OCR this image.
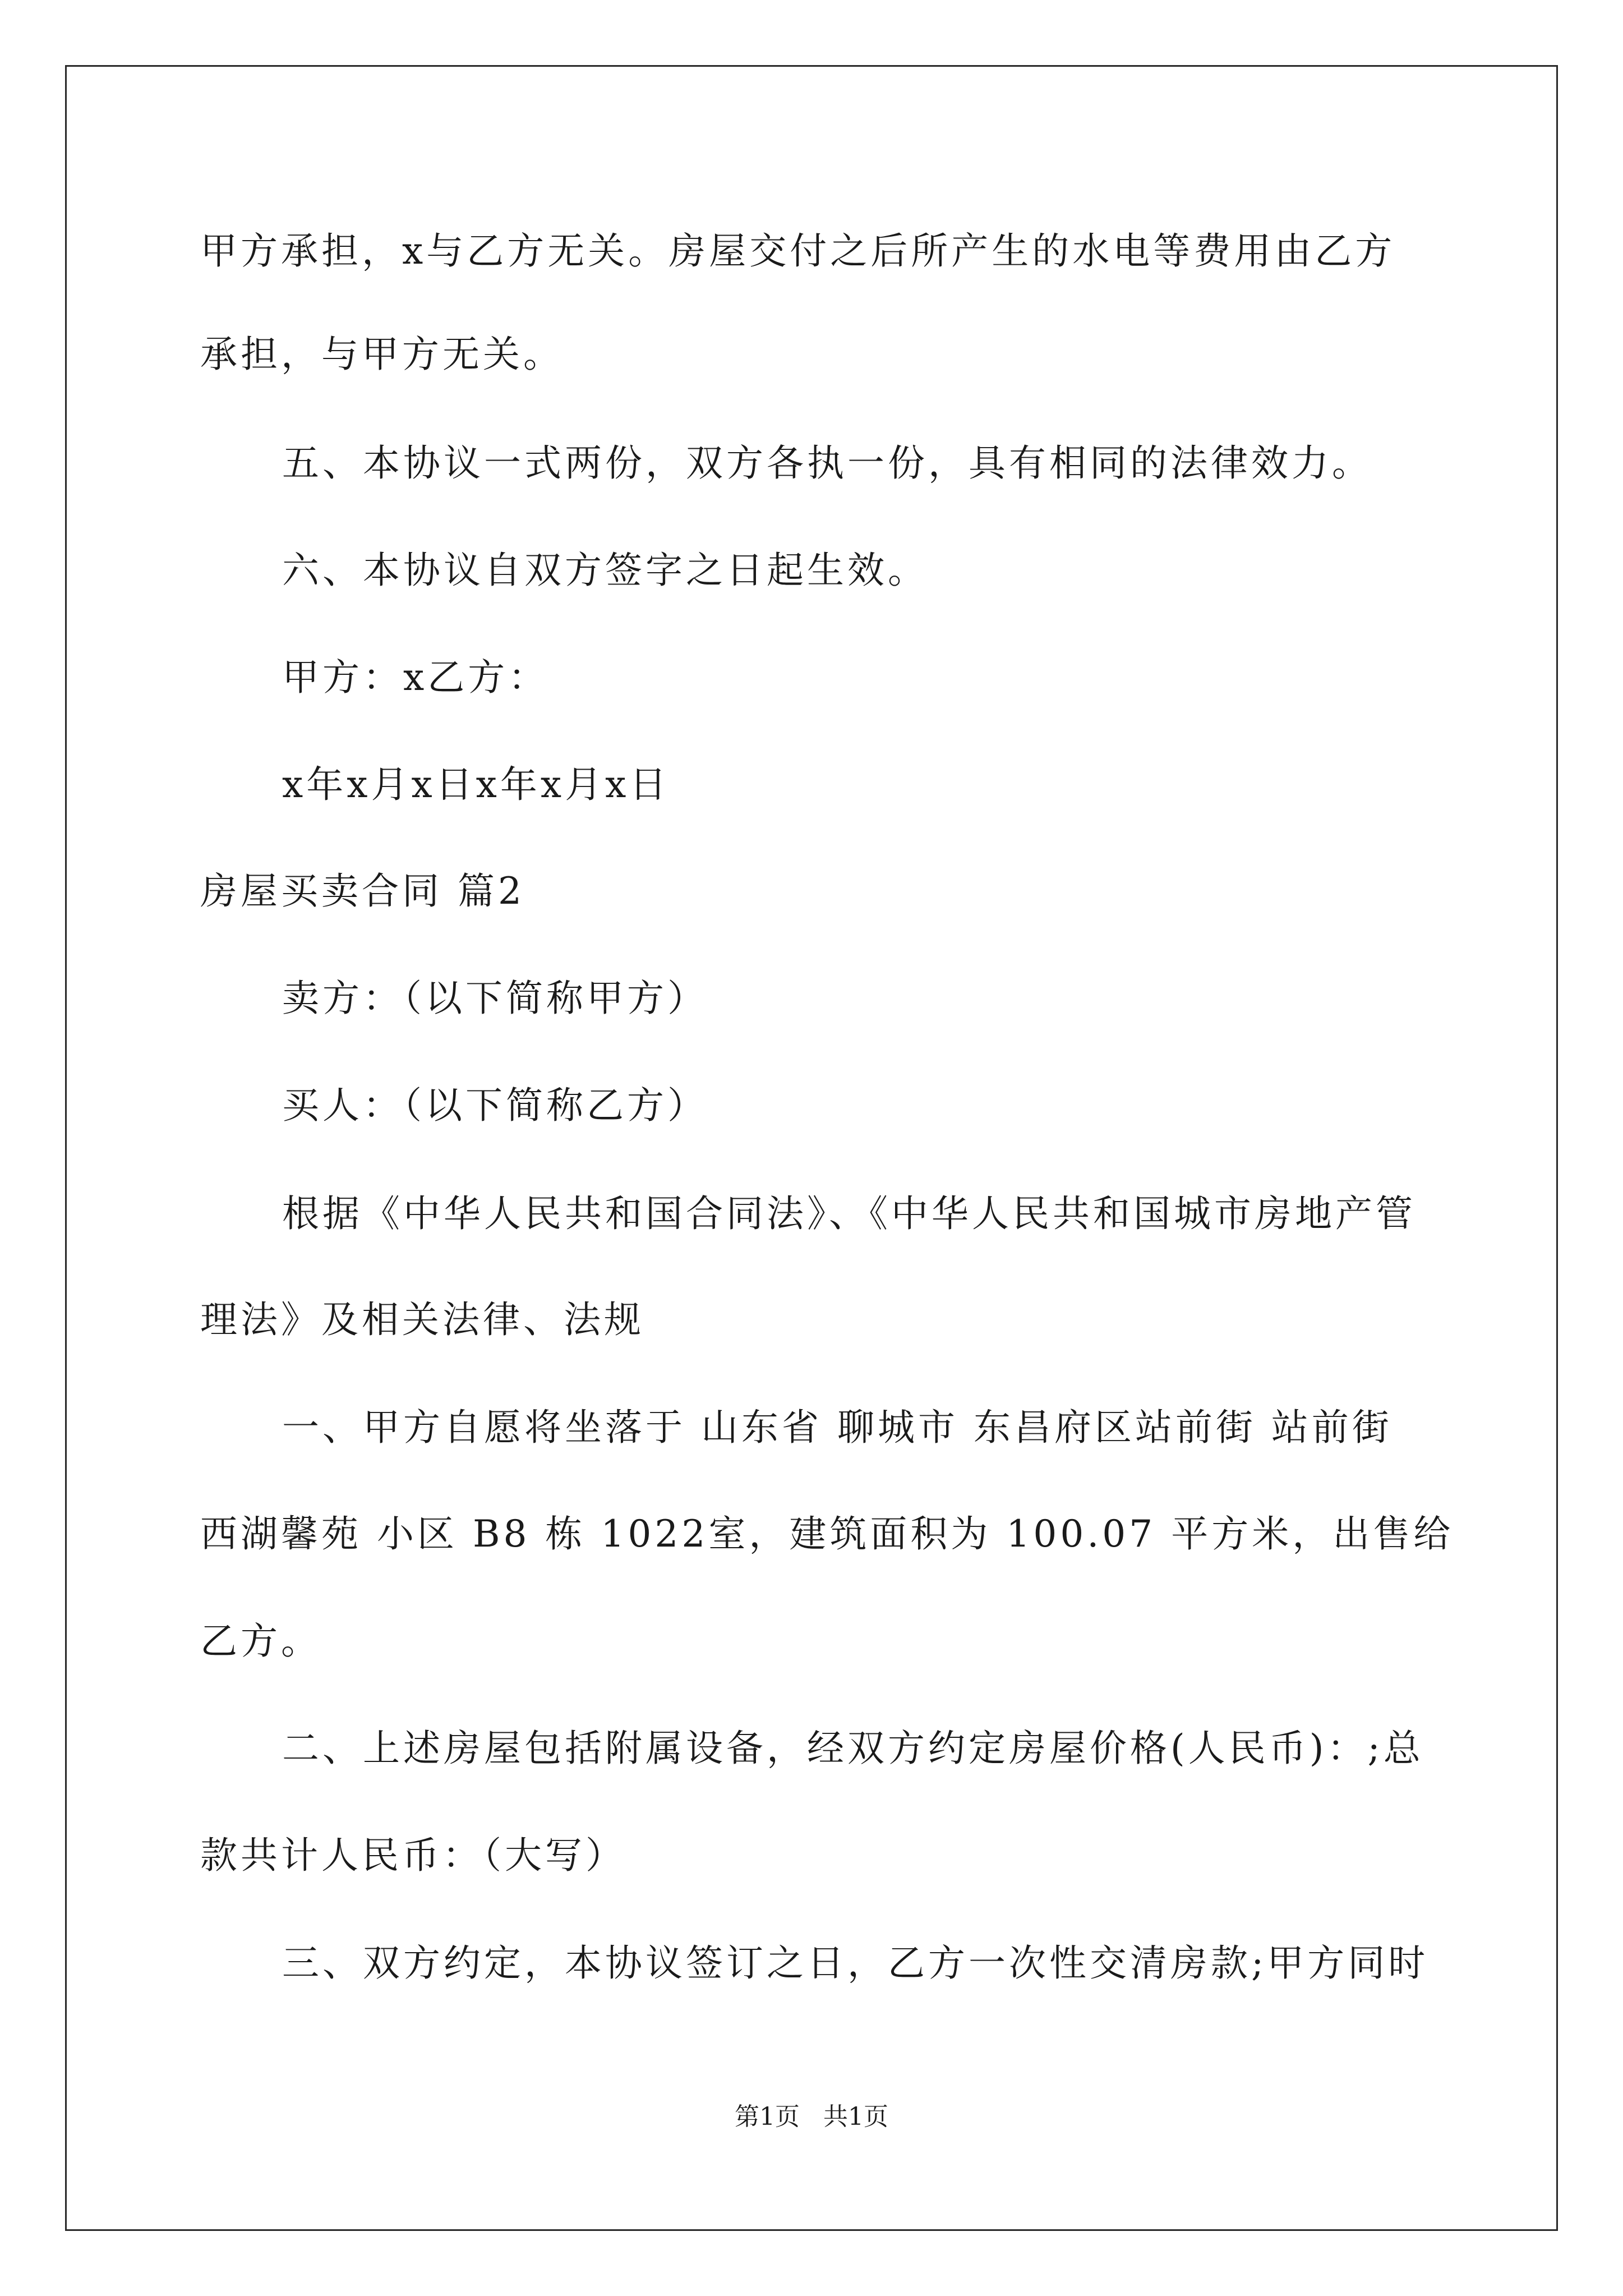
甲方承担，x与乙方无关。房屋交付之后所产生的水电等费用由乙方
承担，与甲方无关。
五、本协议一式两份，双方各执一份，具有相同的法律效力。
六、本协议自双方签字之日起生效。
甲方：x乙方：
x年x月x日x年x月x日
房屋买卖合同 篇2
卖方：（以下简称甲方）
买人：（以下简称乙方）
根据《中华人民共和国合同法》、《中华人民共和国城市房地产管
理法》及相关法律、法规
一、甲方自愿将坐落于 山东省 聊城市 东昌府区站前街 站前街
西湖馨苑 小区 B8 栋 1022室，建筑面积为 100.07 平方米，出售给
乙方。
二、上述房屋包括附属设备，经双方约定房屋价格(人民币)：;总
款共计人民币：（大写）
三、双方约定，本协议签订之日，乙方一次性交清房款;甲方同时
第1页   共1页
